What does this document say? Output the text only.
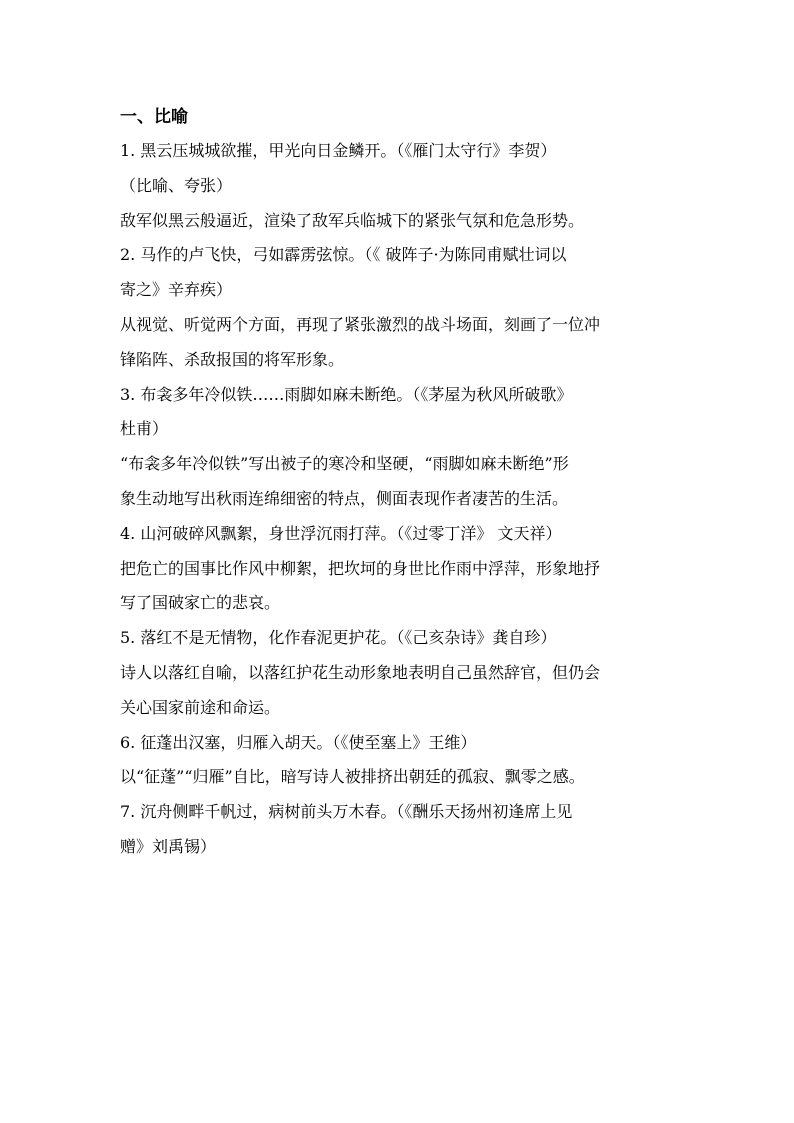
一、比喻

1. 黑云压城城欲摧，甲光向日金鳞开。（《雁门太守行》李贺）

（比喻、夸张）

敌军似黑云般逼近，渲染了敌军兵临城下的紧张气氛和危急形势。

2. 马作的卢飞快，弓如霹雳弦惊。（《 破阵子·为陈同甫赋壮词以

寄之》辛弃疾）

从视觉、听觉两个方面，再现了紧张激烈的战斗场面，刻画了一位冲

锋陷阵、杀敌报国的将军形象。

3. 布衾多年冷似铁……雨脚如麻未断绝。（《茅屋为秋风所破歌》

杜甫）

“布衾多年冷似铁”写出被子的寒冷和坚硬，“雨脚如麻未断绝”形

象生动地写出秋雨连绵细密的特点，侧面表现作者凄苦的生活。

4. 山河破碎风飘絮，身世浮沉雨打萍。（《过零丁洋》 文天祥）

把危亡的国事比作风中柳絮，把坎坷的身世比作雨中浮萍，形象地抒

写了国破家亡的悲哀。

5. 落红不是无情物，化作春泥更护花。（《己亥杂诗》龚自珍）

诗人以落红自喻，以落红护花生动形象地表明自己虽然辞官，但仍会

关心国家前途和命运。

6. 征蓬出汉塞，归雁入胡天。（《使至塞上》王维）

以“征蓬”“归雁”自比，暗写诗人被排挤出朝廷的孤寂、飘零之感。

7. 沉舟侧畔千帆过，病树前头万木春。（《酬乐天扬州初逢席上见

赠》刘禹锡）
